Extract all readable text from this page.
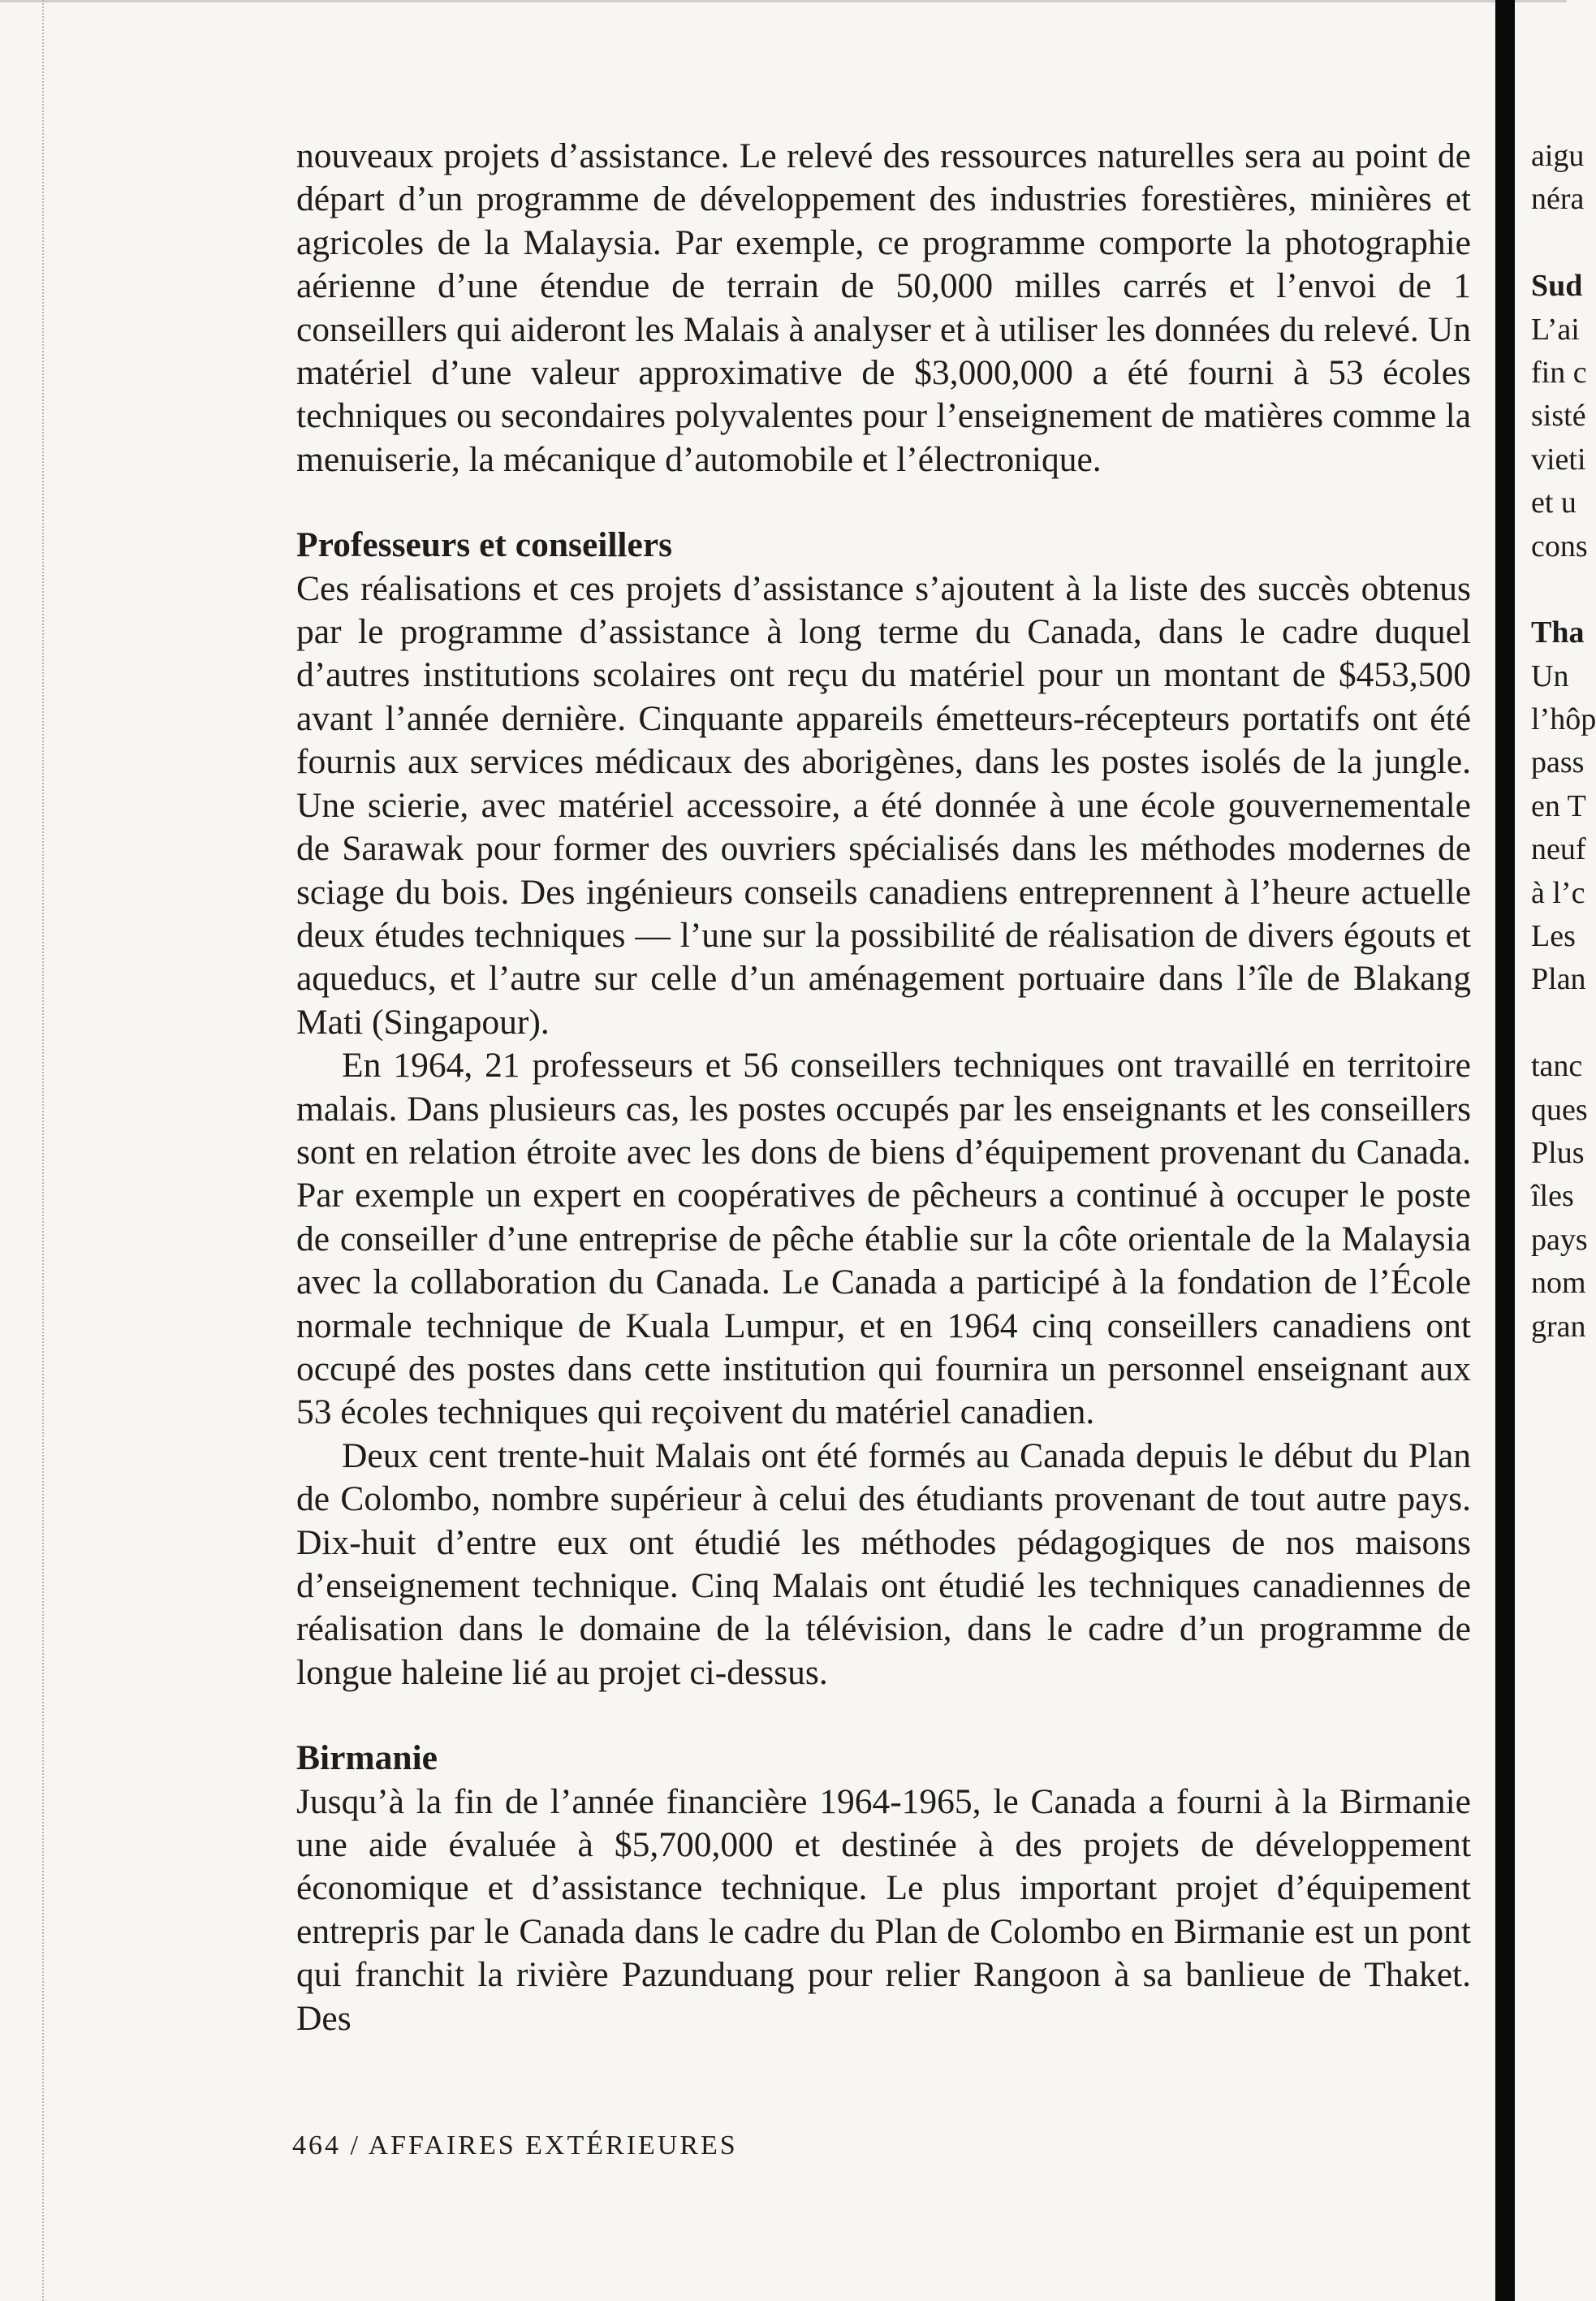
nouveaux projets d’assistance. Le relevé des ressources naturelles sera au point de départ d’un programme de développement des industries forestières, minières et agricoles de la Malaysia. Par exemple, ce programme comporte la photographie aérienne d’une étendue de terrain de 50,000 milles carrés et l’envoi de 1 conseillers qui aideront les Malais à analyser et à utiliser les données du relevé. Un matériel d’une valeur approximative de $3,000,000 a été fourni à 53 écoles techniques ou secondaires polyvalentes pour l’enseignement de matières comme la menuiserie, la mécanique d’automobile et l’électronique.

Professeurs et conseillers

Ces réalisations et ces projets d’assistance s’ajoutent à la liste des succès obtenus par le programme d’assistance à long terme du Canada, dans le cadre duquel d’autres institutions scolaires ont reçu du matériel pour un montant de $453,500 avant l’année dernière. Cinquante appareils émetteurs-récepteurs portatifs ont été fournis aux services médicaux des aborigènes, dans les postes isolés de la jungle. Une scierie, avec matériel accessoire, a été donnée à une école gouvernementale de Sarawak pour former des ouvriers spécialisés dans les méthodes modernes de sciage du bois. Des ingénieurs conseils canadiens entreprennent à l’heure actuelle deux études techniques — l’une sur la possibilité de réalisation de divers égouts et aqueducs, et l’autre sur celle d’un aménagement portuaire dans l’île de Blakang Mati (Singapour).

En 1964, 21 professeurs et 56 conseillers techniques ont travaillé en territoire malais. Dans plusieurs cas, les postes occupés par les enseignants et les conseillers sont en relation étroite avec les dons de biens d’équipement provenant du Canada. Par exemple un expert en coopératives de pêcheurs a continué à occuper le poste de conseiller d’une entreprise de pêche établie sur la côte orientale de la Malaysia avec la collaboration du Canada. Le Canada a participé à la fondation de l’École normale technique de Kuala Lumpur, et en 1964 cinq conseillers canadiens ont occupé des postes dans cette institution qui fournira un personnel enseignant aux 53 écoles techniques qui reçoivent du matériel canadien.

Deux cent trente-huit Malais ont été formés au Canada depuis le début du Plan de Colombo, nombre supérieur à celui des étudiants provenant de tout autre pays. Dix-huit d’entre eux ont étudié les méthodes pédagogiques de nos maisons d’enseignement technique. Cinq Malais ont étudié les techniques canadiennes de réalisation dans le domaine de la télévision, dans le cadre d’un programme de longue haleine lié au projet ci-dessus.

Birmanie

Jusqu’à la fin de l’année financière 1964-1965, le Canada a fourni à la Birmanie une aide évaluée à $5,700,000 et destinée à des projets de développement économique et d’assistance technique. Le plus important projet d’équipement entrepris par le Canada dans le cadre du Plan de Colombo en Birmanie est un pont qui franchit la rivière Pazunduang pour relier Rangoon à sa banlieue de Thaket. Des

aigu
néra
Sud
L’ai
fin c
sisté
vieti
et u
cons
Tha
Un
l’hôp
pass
en T
neuf
à l’c
Les
Plan
tanc
ques
Plus
îles
pays
nom
gran
464 / AFFAIRES EXTÉRIEURES
